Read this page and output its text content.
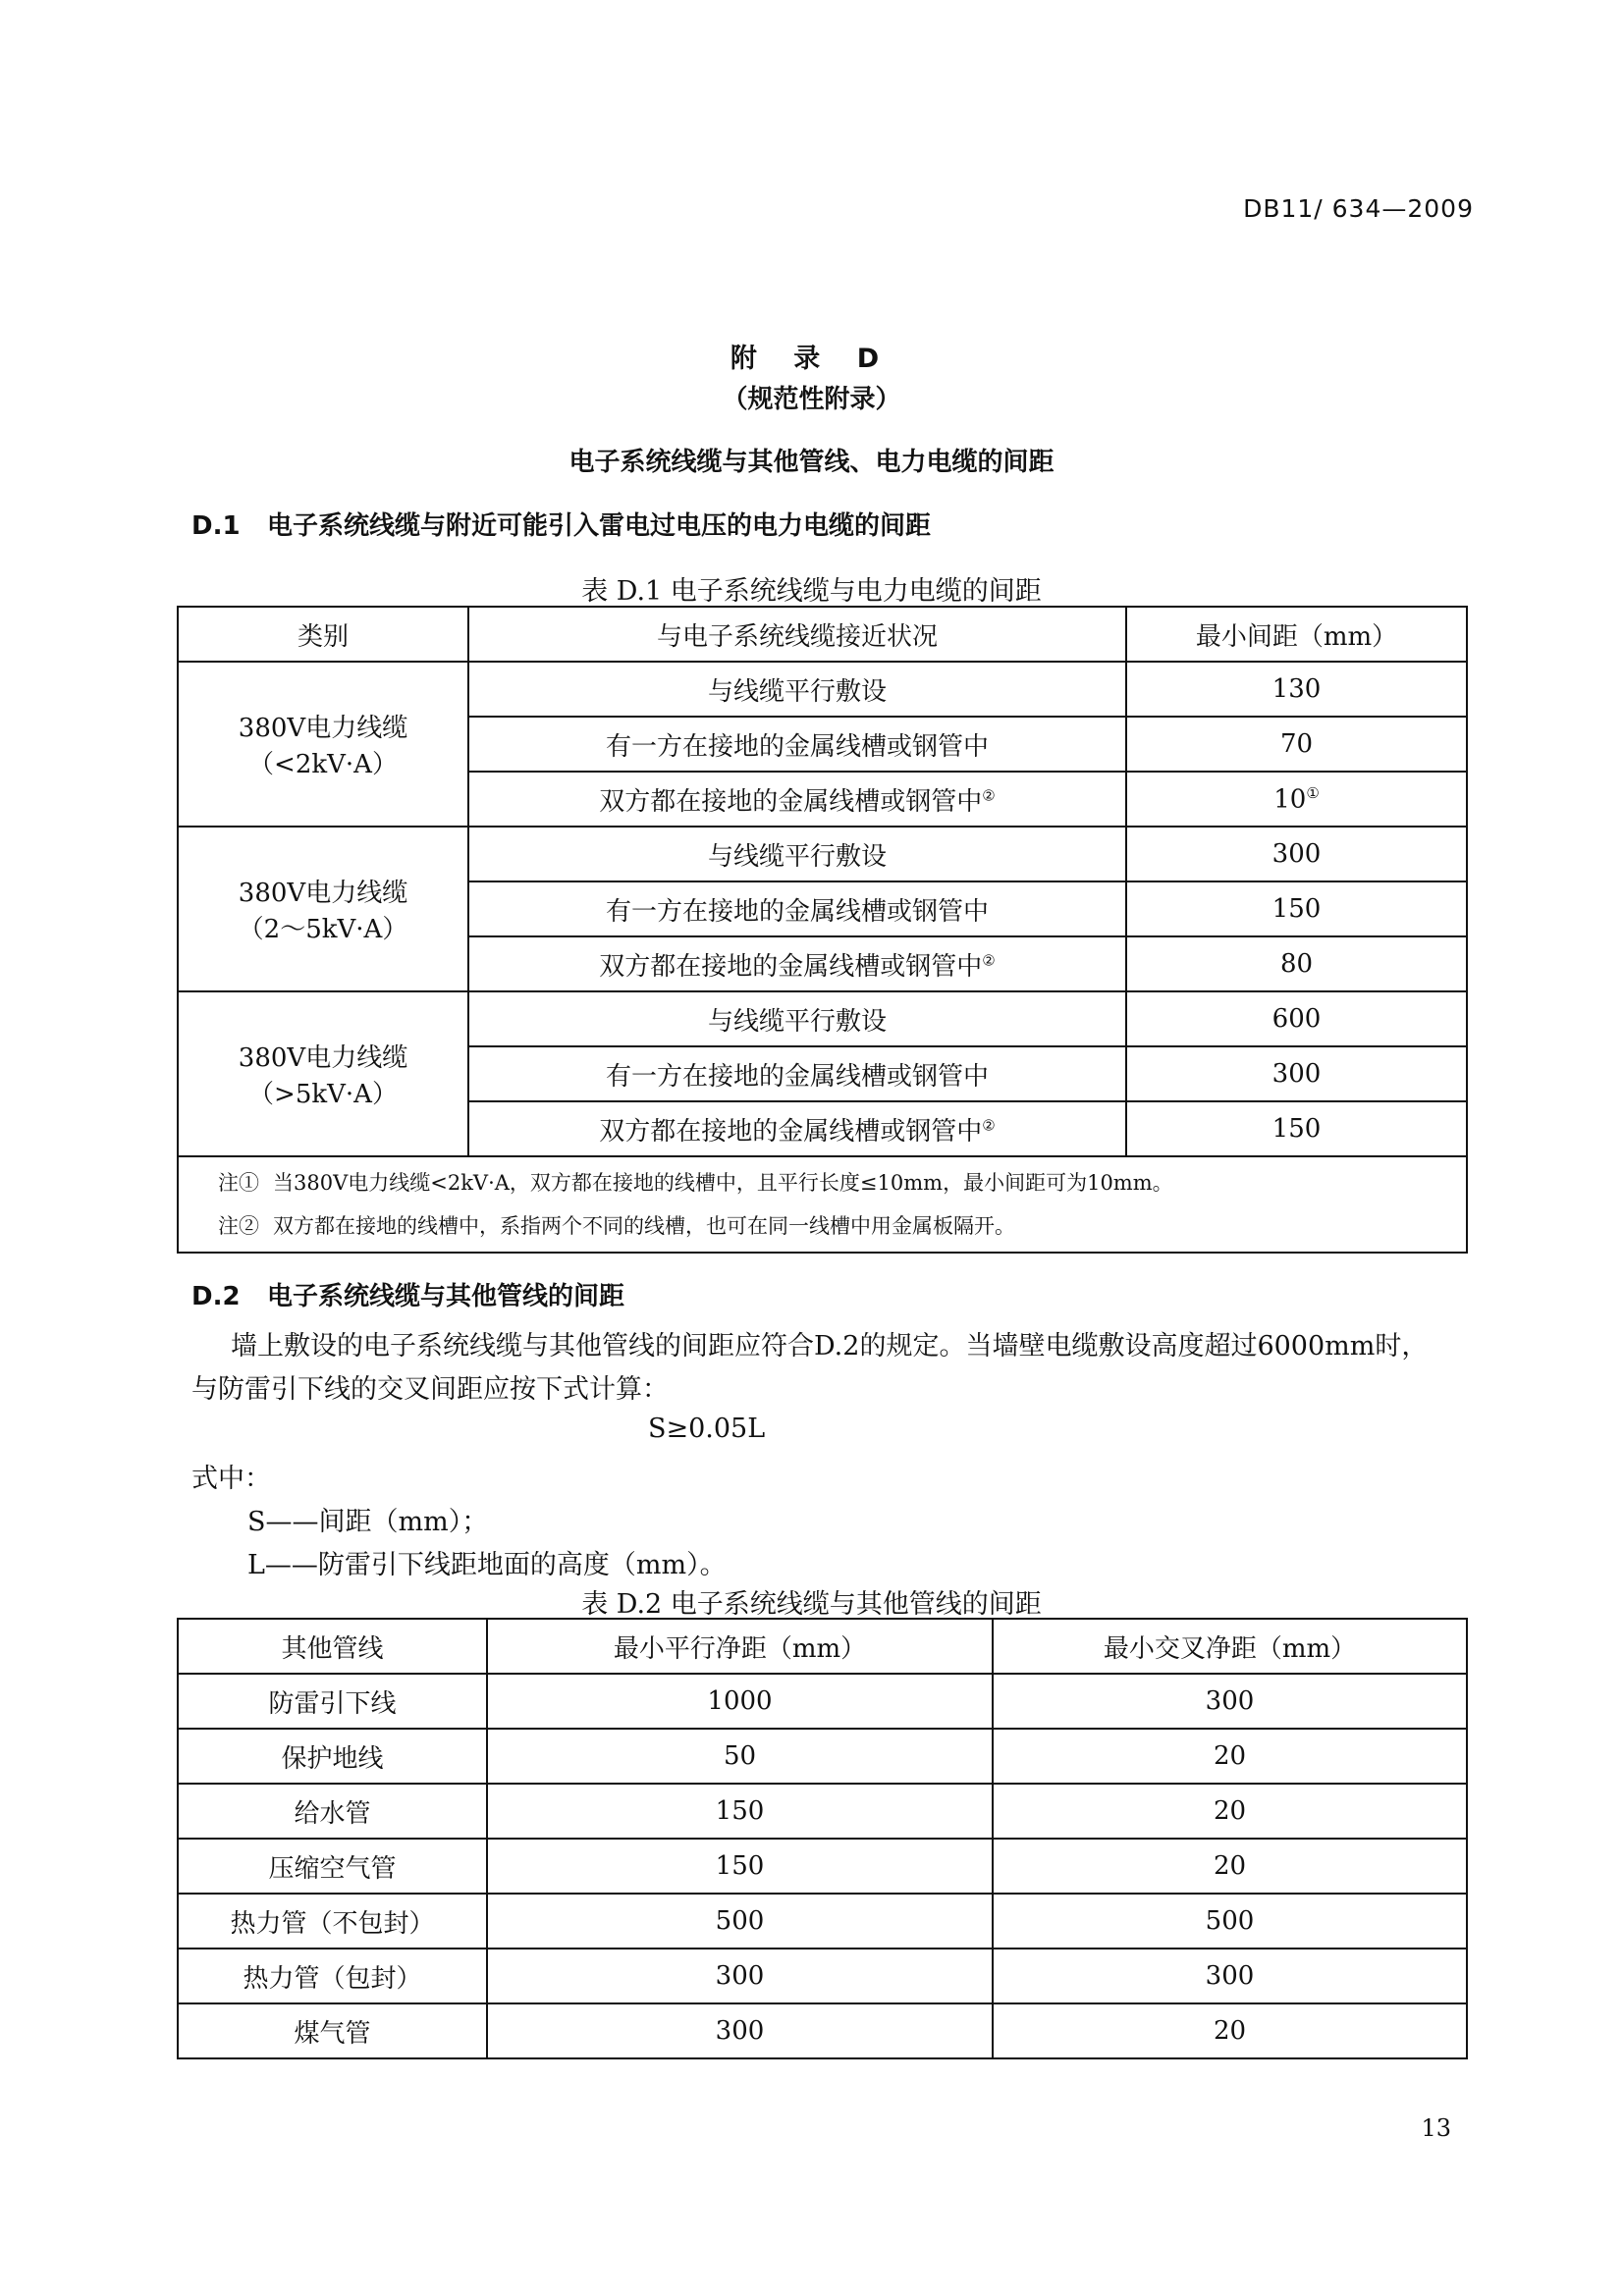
DB11/ 634—2009
附 录 D
（规范性附录）
电子系统线缆与其他管线、电力电缆的间距
D.1 电子系统线缆与附近可能引入雷电过电压的电力电缆的间距
表 D.1 电子系统线缆与电力电缆的间距
类别	与电子系统线缆接近状况	最小间距（mm）

380V电力线缆
（<2kV·A）	与线缆平行敷设	130
	有一方在接地的金属线槽或钢管中	70
	双方都在接地的金属线槽或钢管中②	10①

380V电力线缆
（2～5kV·A）	与线缆平行敷设	300
	有一方在接地的金属线槽或钢管中	150
	双方都在接地的金属线槽或钢管中②	80

380V电力线缆
（>5kV·A）	与线缆平行敷设	600
	有一方在接地的金属线槽或钢管中	300
	双方都在接地的金属线槽或钢管中②	150

注① 当380V电力线缆<2kV·A，双方都在接地的线槽中，且平行长度≤10mm，最小间距可为10mm。
注② 双方都在接地的线槽中，系指两个不同的线槽，也可在同一线槽中用金属板隔开。		
D.2 电子系统线缆与其他管线的间距
墙上敷设的电子系统线缆与其他管线的间距应符合D.2的规定。当墙壁电缆敷设高度超过6000mm时，
与防雷引下线的交叉间距应按下式计算：
S≥0.05L
式中：
S——间距（mm）；
L——防雷引下线距地面的高度（mm）。
表 D.2 电子系统线缆与其他管线的间距
其他管线	最小平行净距（mm）	最小交叉净距（mm）
防雷引下线	1000	300
保护地线	50	20
给水管	150	20
压缩空气管	150	20
热力管（不包封）	500	500
热力管（包封）	300	300
煤气管	300	20
13
